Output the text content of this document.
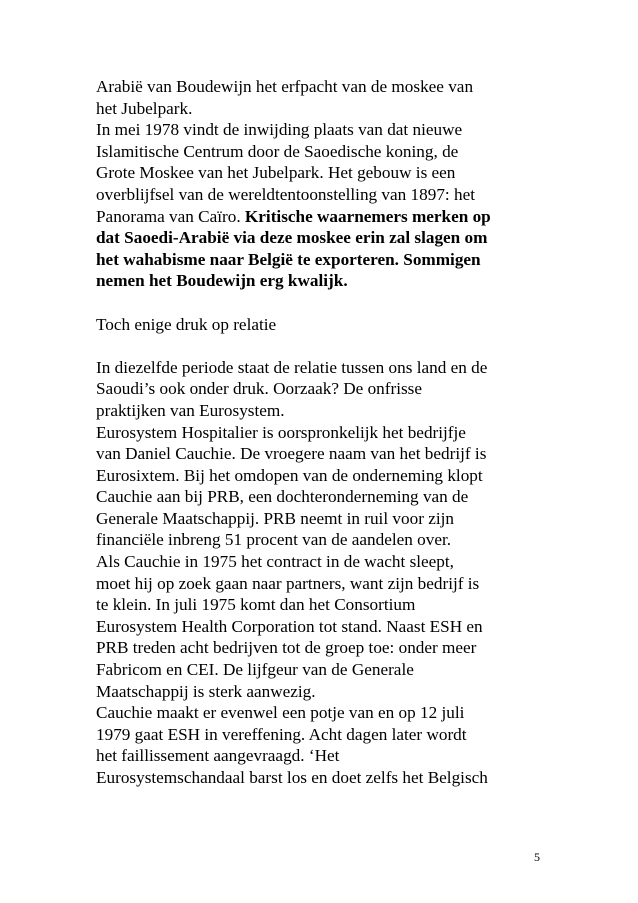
Arabië van Boudewijn het erfpacht van de moskee van
het Jubelpark.
In mei 1978 vindt de inwijding plaats van dat nieuwe
Islamitische Centrum door de Saoedische koning, de
Grote Moskee van het Jubelpark. Het gebouw is een
overblijfsel van de wereldtentoonstelling van 1897: het
Panorama van Caïro. Kritische waarnemers merken op
dat Saoedi-Arabië via deze moskee erin zal slagen om
het wahabisme naar België te exporteren. Sommigen
nemen het Boudewijn erg kwalijk.
Toch enige druk op relatie
In diezelfde periode staat de relatie tussen ons land en de
Saoudi’s ook onder druk. Oorzaak? De onfrisse
praktijken van Eurosystem.
Eurosystem Hospitalier is oorspronkelijk het bedrijfje
van Daniel Cauchie. De vroegere naam van het bedrijf is
Eurosixtem. Bij het omdopen van de onderneming klopt
Cauchie aan bij PRB, een dochteronderneming van de
Generale Maatschappij. PRB neemt in ruil voor zijn
financiële inbreng 51 procent van de aandelen over.
Als Cauchie in 1975 het contract in de wacht sleept,
moet hij op zoek gaan naar partners, want zijn bedrijf is
te klein. In juli 1975 komt dan het Consortium
Eurosystem Health Corporation tot stand. Naast ESH en
PRB treden acht bedrijven tot de groep toe: onder meer
Fabricom en CEI. De lijfgeur van de Generale
Maatschappij is sterk aanwezig.
Cauchie maakt er evenwel een potje van en op 12 juli
1979 gaat ESH in vereffening. Acht dagen later wordt
het faillissement aangevraagd. ‘Het
Eurosystemschandaal barst los en doet zelfs het Belgisch
5
